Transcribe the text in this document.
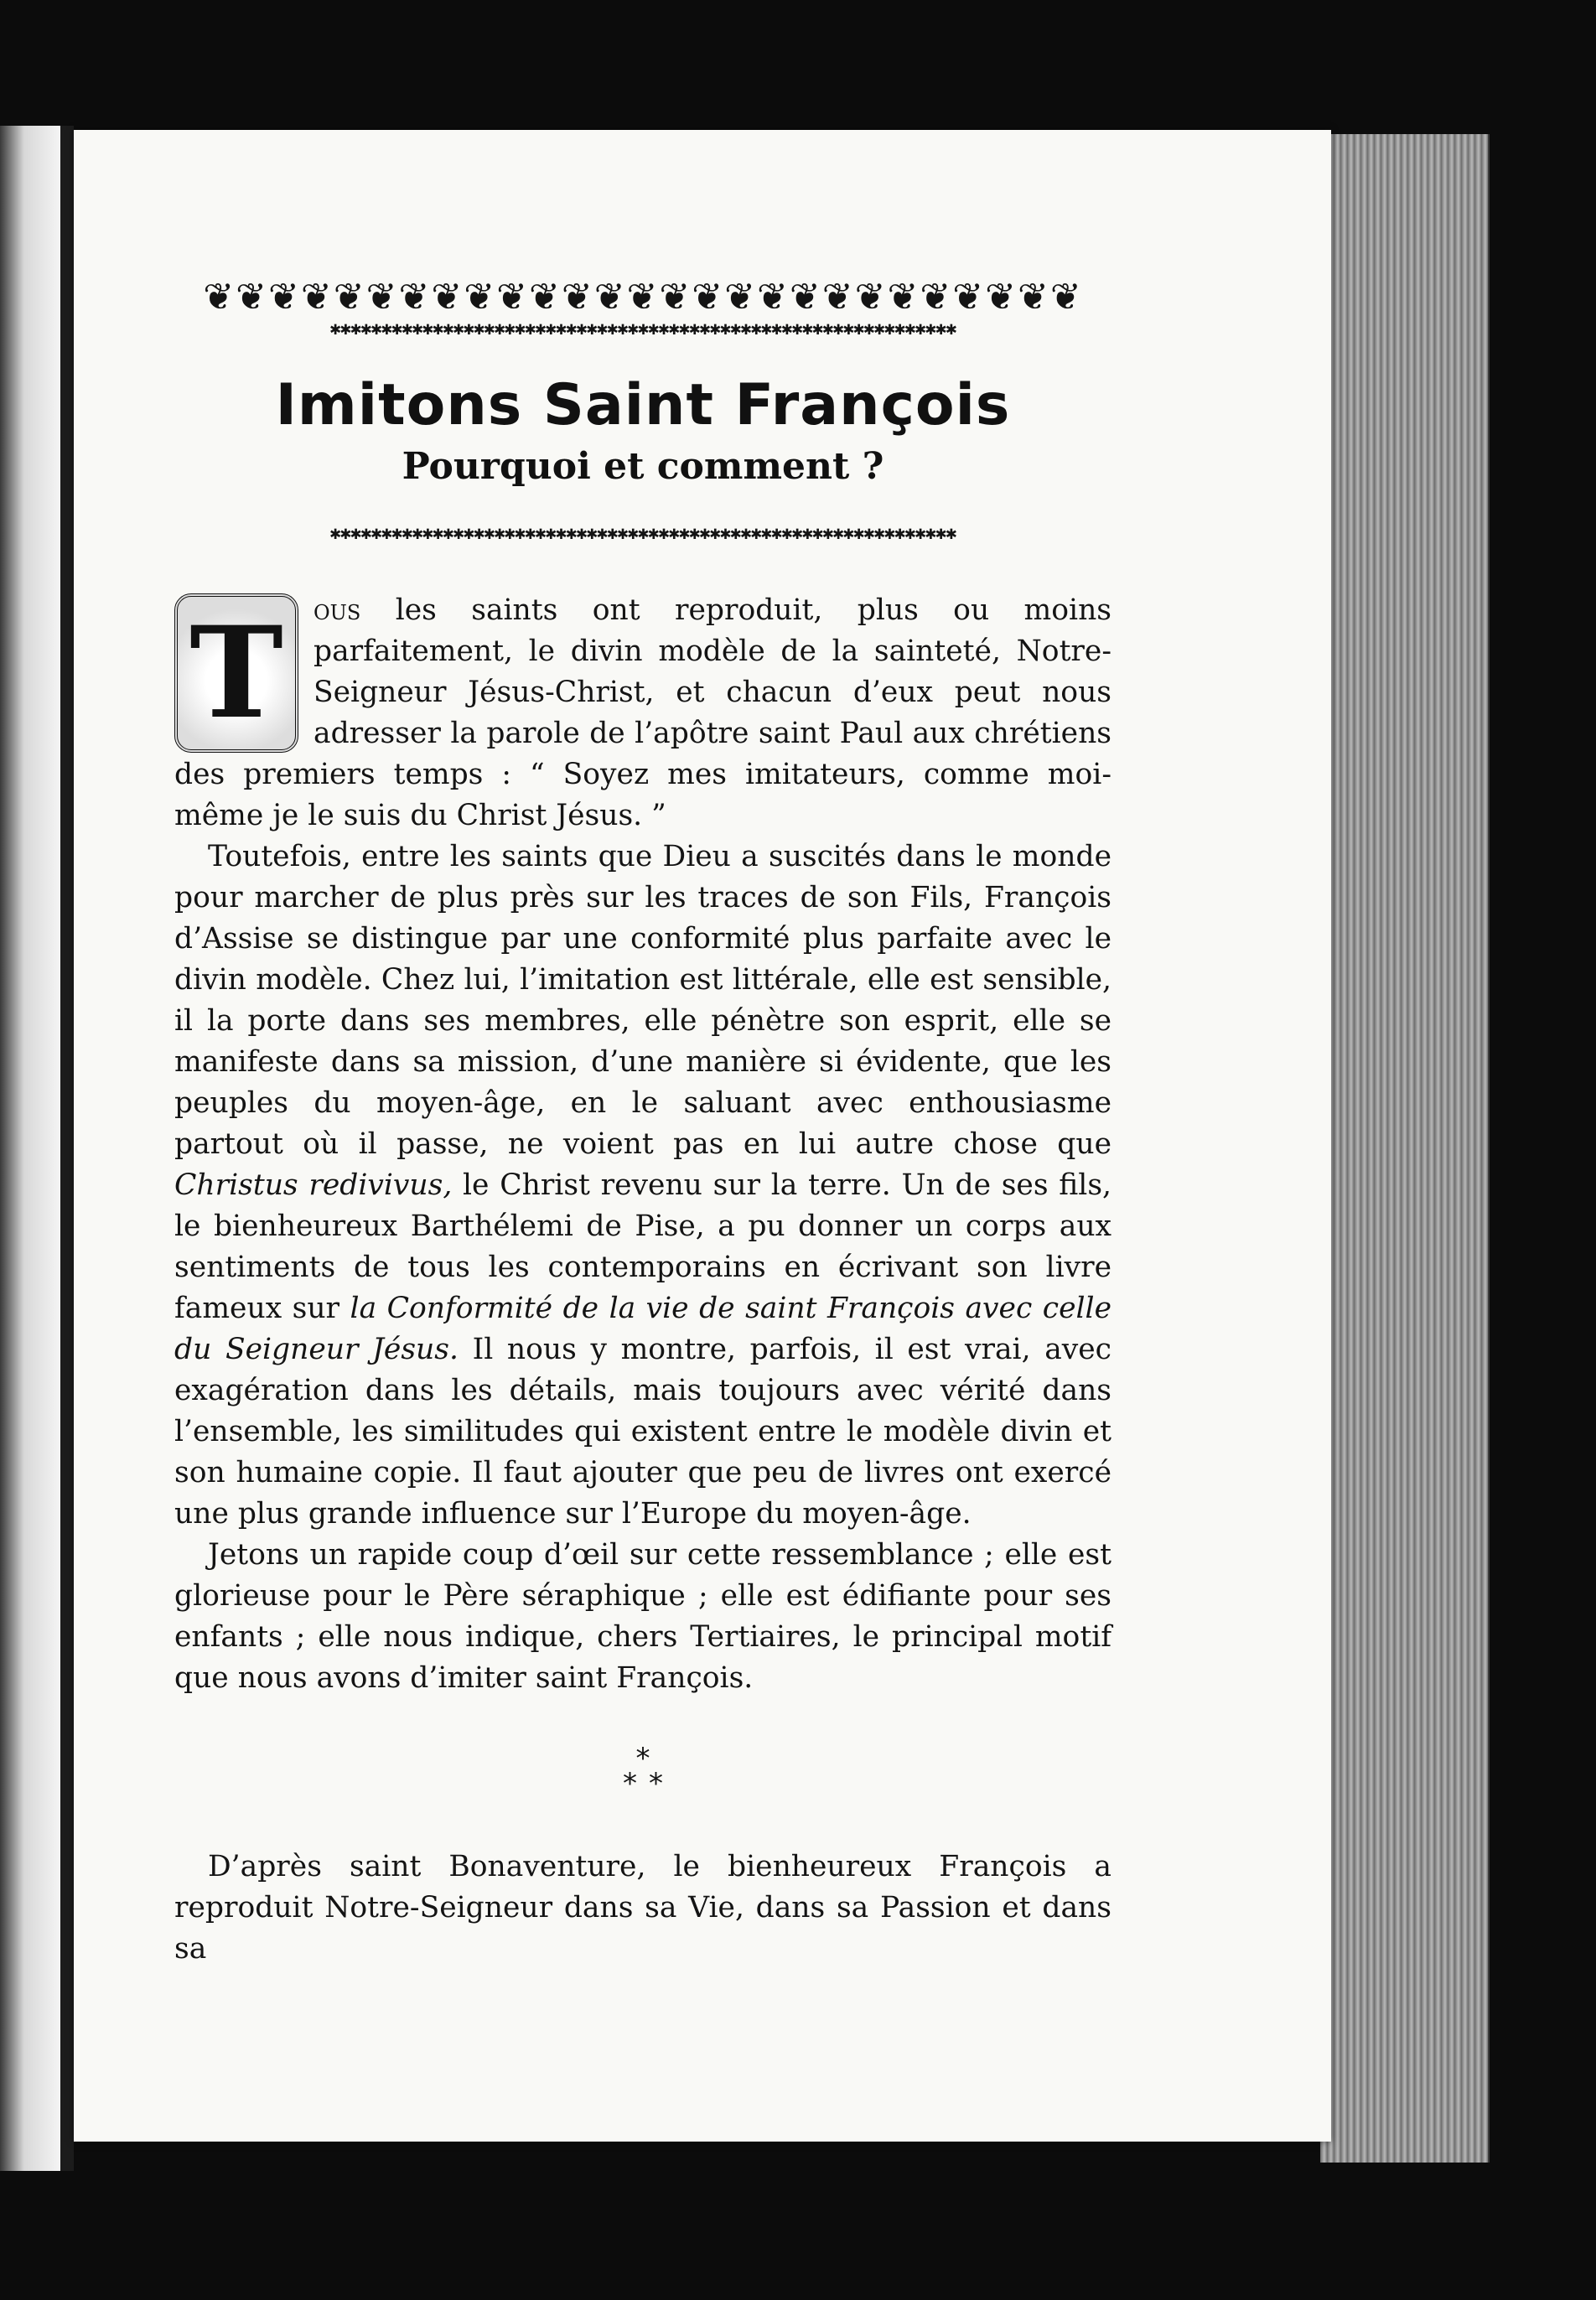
❦❦❦❦❦❦❦❦❦❦❦❦❦❦❦❦❦❦❦❦❦❦❦❦❦❦❦
✱✱✱✱✱✱✱✱✱✱✱✱✱✱✱✱✱✱✱✱✱✱✱✱✱✱✱✱✱✱✱✱✱✱✱✱✱✱✱✱✱✱✱✱✱✱✱✱✱✱✱✱✱✱✱✱✱✱✱✱✱
Imitons Saint François
Pourquoi et comment ?
✱✱✱✱✱✱✱✱✱✱✱✱✱✱✱✱✱✱✱✱✱✱✱✱✱✱✱✱✱✱✱✱✱✱✱✱✱✱✱✱✱✱✱✱✱✱✱✱✱✱✱✱✱✱✱✱✱✱✱✱✱

T	ous les saints ont reproduit, plus ou moins parfaitement, le divin modèle de la sainteté, Notre-Seigneur Jésus-Christ, et chacun d’eux peut nous adresser la parole de l’apôtre saint Paul aux chrétiens des premiers temps : “ Soyez mes imitateurs, comme moi-même je le suis du Christ Jésus. ”

Toutefois, entre les saints que Dieu a suscités dans le monde pour marcher de plus près sur les traces de son Fils, François d’Assise se distingue par une conformité plus parfaite avec le divin modèle. Chez lui, l’imitation est littérale, elle est sensible, il la porte dans ses membres, elle pénètre son esprit, elle se manifeste dans sa mission, d’une manière si évidente, que les peuples du moyen-âge, en le saluant avec enthousiasme partout où il passe, ne voient pas en lui autre chose que Christus redivivus, le Christ revenu sur la terre. Un de ses fils, le bienheureux Barthélemi de Pise, a pu donner un corps aux sentiments de tous les contemporains en écrivant son livre fameux sur la Conformité de la vie de saint François avec celle du Seigneur Jésus. Il nous y montre, parfois, il est vrai, avec exagération dans les détails, mais toujours avec vérité dans l’ensemble, les similitudes qui existent entre le modèle divin et son humaine copie. Il faut ajouter que peu de livres ont exercé une plus grande influence sur l’Europe du moyen-âge.

Jetons un rapide coup d’œil sur cette ressemblance ; elle est glorieuse pour le Père séraphique ; elle est édifiante pour ses enfants ; elle nous indique, chers Tertiaires, le principal motif que nous avons d’imiter saint François.

*
**

D’après saint Bonaventure, le bienheureux François a reproduit Notre-Seigneur dans sa Vie, dans sa Passion et dans sa
